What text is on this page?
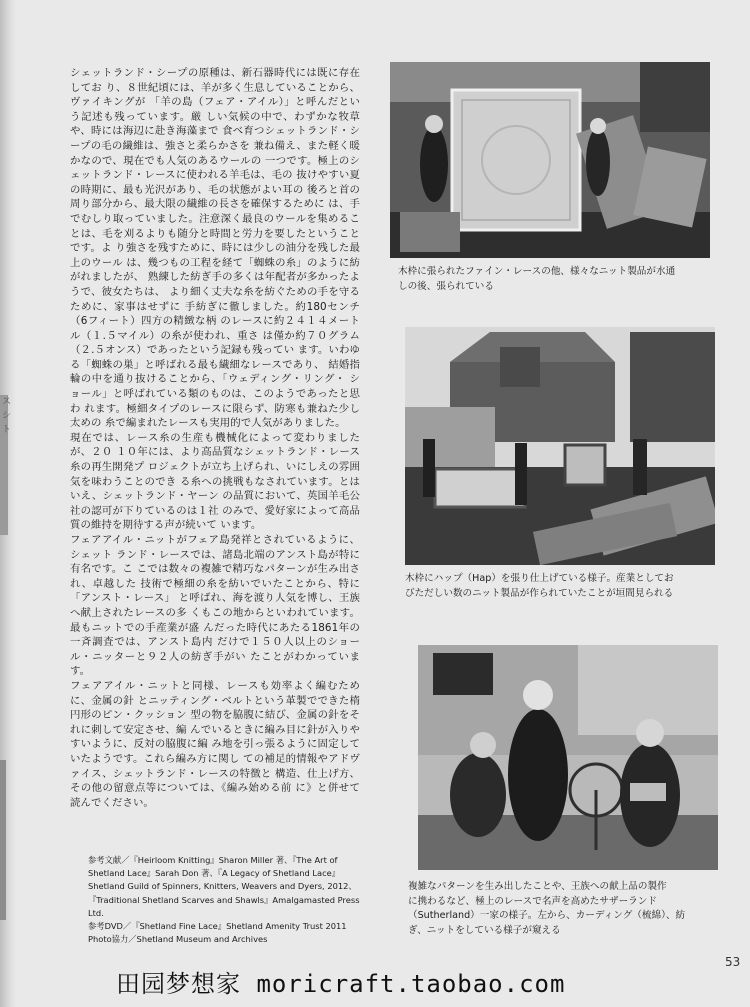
スシト

シェットランド・シープの原種は、新石器時代には既に存在してお り、８世紀頃には、羊が多く生息していることから、ヴァイキングが 「羊の島（フェア・アイル）」と呼んだという記述も残っています。厳 しい気候の中で、わずかな牧草や、時には海辺に赴き海藻まで 食べ育つシェットランド・シープの毛の繊維は、強さと柔らかさを 兼ね備え、また軽く暖かなので、現在でも人気のあるウールの 一つです。極上のシェットランド・レースに使われる羊毛は、毛の 抜けやすい夏の時期に、最も光沢があり、毛の状態がよい耳の 後ろと首の周り部分から、最大限の繊維の長さを確保するために は、手でむしり取っていました。注意深く最良のウールを集めるこ とは、毛を刈るよりも随分と時間と労力を要したということです。よ り強さを残すために、時には少しの油分を残した最上のウール は、幾つもの工程を経て「蜘蛛の糸」のように紡がれましたが、 熟練した紡ぎ手の多くは年配者が多かったようで、彼女たちは、 より細く丈夫な糸を紡ぐための手を守るために、家事はせずに 手紡ぎに徹しました。約180センチ（6フィート）四方の精緻な柄 のレースに約２４１４メートル（１.５マイル）の糸が使われ、重さ は僅か約７０グラム（２.５オンス）であったという記録も残ってい ます。いわゆる「蜘蛛の巣」と呼ばれる最も繊細なレースであり、 結婚指輪の中を通り抜けることから、「ウェディング・リング・ ショール」と呼ばれている類のものは、このようであったと思わ れます。極細タイプのレースに限らず、防寒も兼ねた少し太めの 糸で編まれたレースも実用的で人気がありました。

現在では、レース糸の生産も機械化によって変わりましたが、２０ １０年には、より高品質なシェットランド・レース糸の再生開発プ ロジェクトが立ち上げられ、いにしえの雰囲気を味わうことのでき る糸への挑戦もなされています。とはいえ、シェットランド・ヤーン の品質において、英国羊毛公社の認可が下りているのは１社 のみで、愛好家によって高品質の維持を期待する声が続いて います。

フェアアイル・ニットがフェア島発祥とされているように、シェット ランド・レースでは、諸島北端のアンスト島が特に有名です。こ こでは数々の複雑で精巧なパターンが生み出され、卓越した 技術で極細の糸を紡いでいたことから、特に「アンスト・レース」 と呼ばれ、海を渡り人気を博し、王族へ献上されたレースの多 くもこの地からといわれています。最もニットでの手産業が盛 んだった時代にあたる1861年の一斉調査では、アンスト島内 だけで１５０人以上のショール・ニッターと９２人の紡ぎ手がい たことがわかっています。

フェアアイル・ニットと同様、レースも効率よく編むために、金属の針 とニッティング・ベルトという革製でできた楕円形のピン・クッション 型の物を脇腹に結び、金属の針をそれに刺して安定させ、編 んでいるときに編み目に針が入りやすいように、反対の脇腹に編 み地を引っ張るように固定していたようです。これら編み方に関し ての補足的情報やアドヴァイス、シェットランド・レースの特徴と 構造、仕上げ方、その他の留意点等については、《編み始める前 に》と併せて読んでください。

参考文献／『Heirloom Knitting』Sharon Miller 著、『The Art of

Shetland Lace』Sarah Don 著、『A Legacy of Shetland Lace』

Shetland Guild of Spinners, Knitters, Weavers and Dyers, 2012、

『Traditional Shetland Scarves and Shawls』Amalgamasted Press

Ltd.

参考DVD／『Shetland Fine Lace』Shetland Amenity Trust 2011

Photo協力／Shetland Museum and Archives

木枠に張られたファイン・レースの他、様々なニット製品が水通
しの後、張られている
木枠にハップ（Hap）を張り仕上げている様子。産業としてお
びただしい数のニット製品が作られていたことが垣間見られる
複雑なパターンを生み出したことや、王族への献上品の製作
に携わるなど、極上のレースで名声を高めたサザーランド
（Sutherland）一家の様子。左から、カーディング（梳綿）、紡
ぎ、ニットをしている様子が窺える
53
田园梦想家 moricraft.taobao.com
